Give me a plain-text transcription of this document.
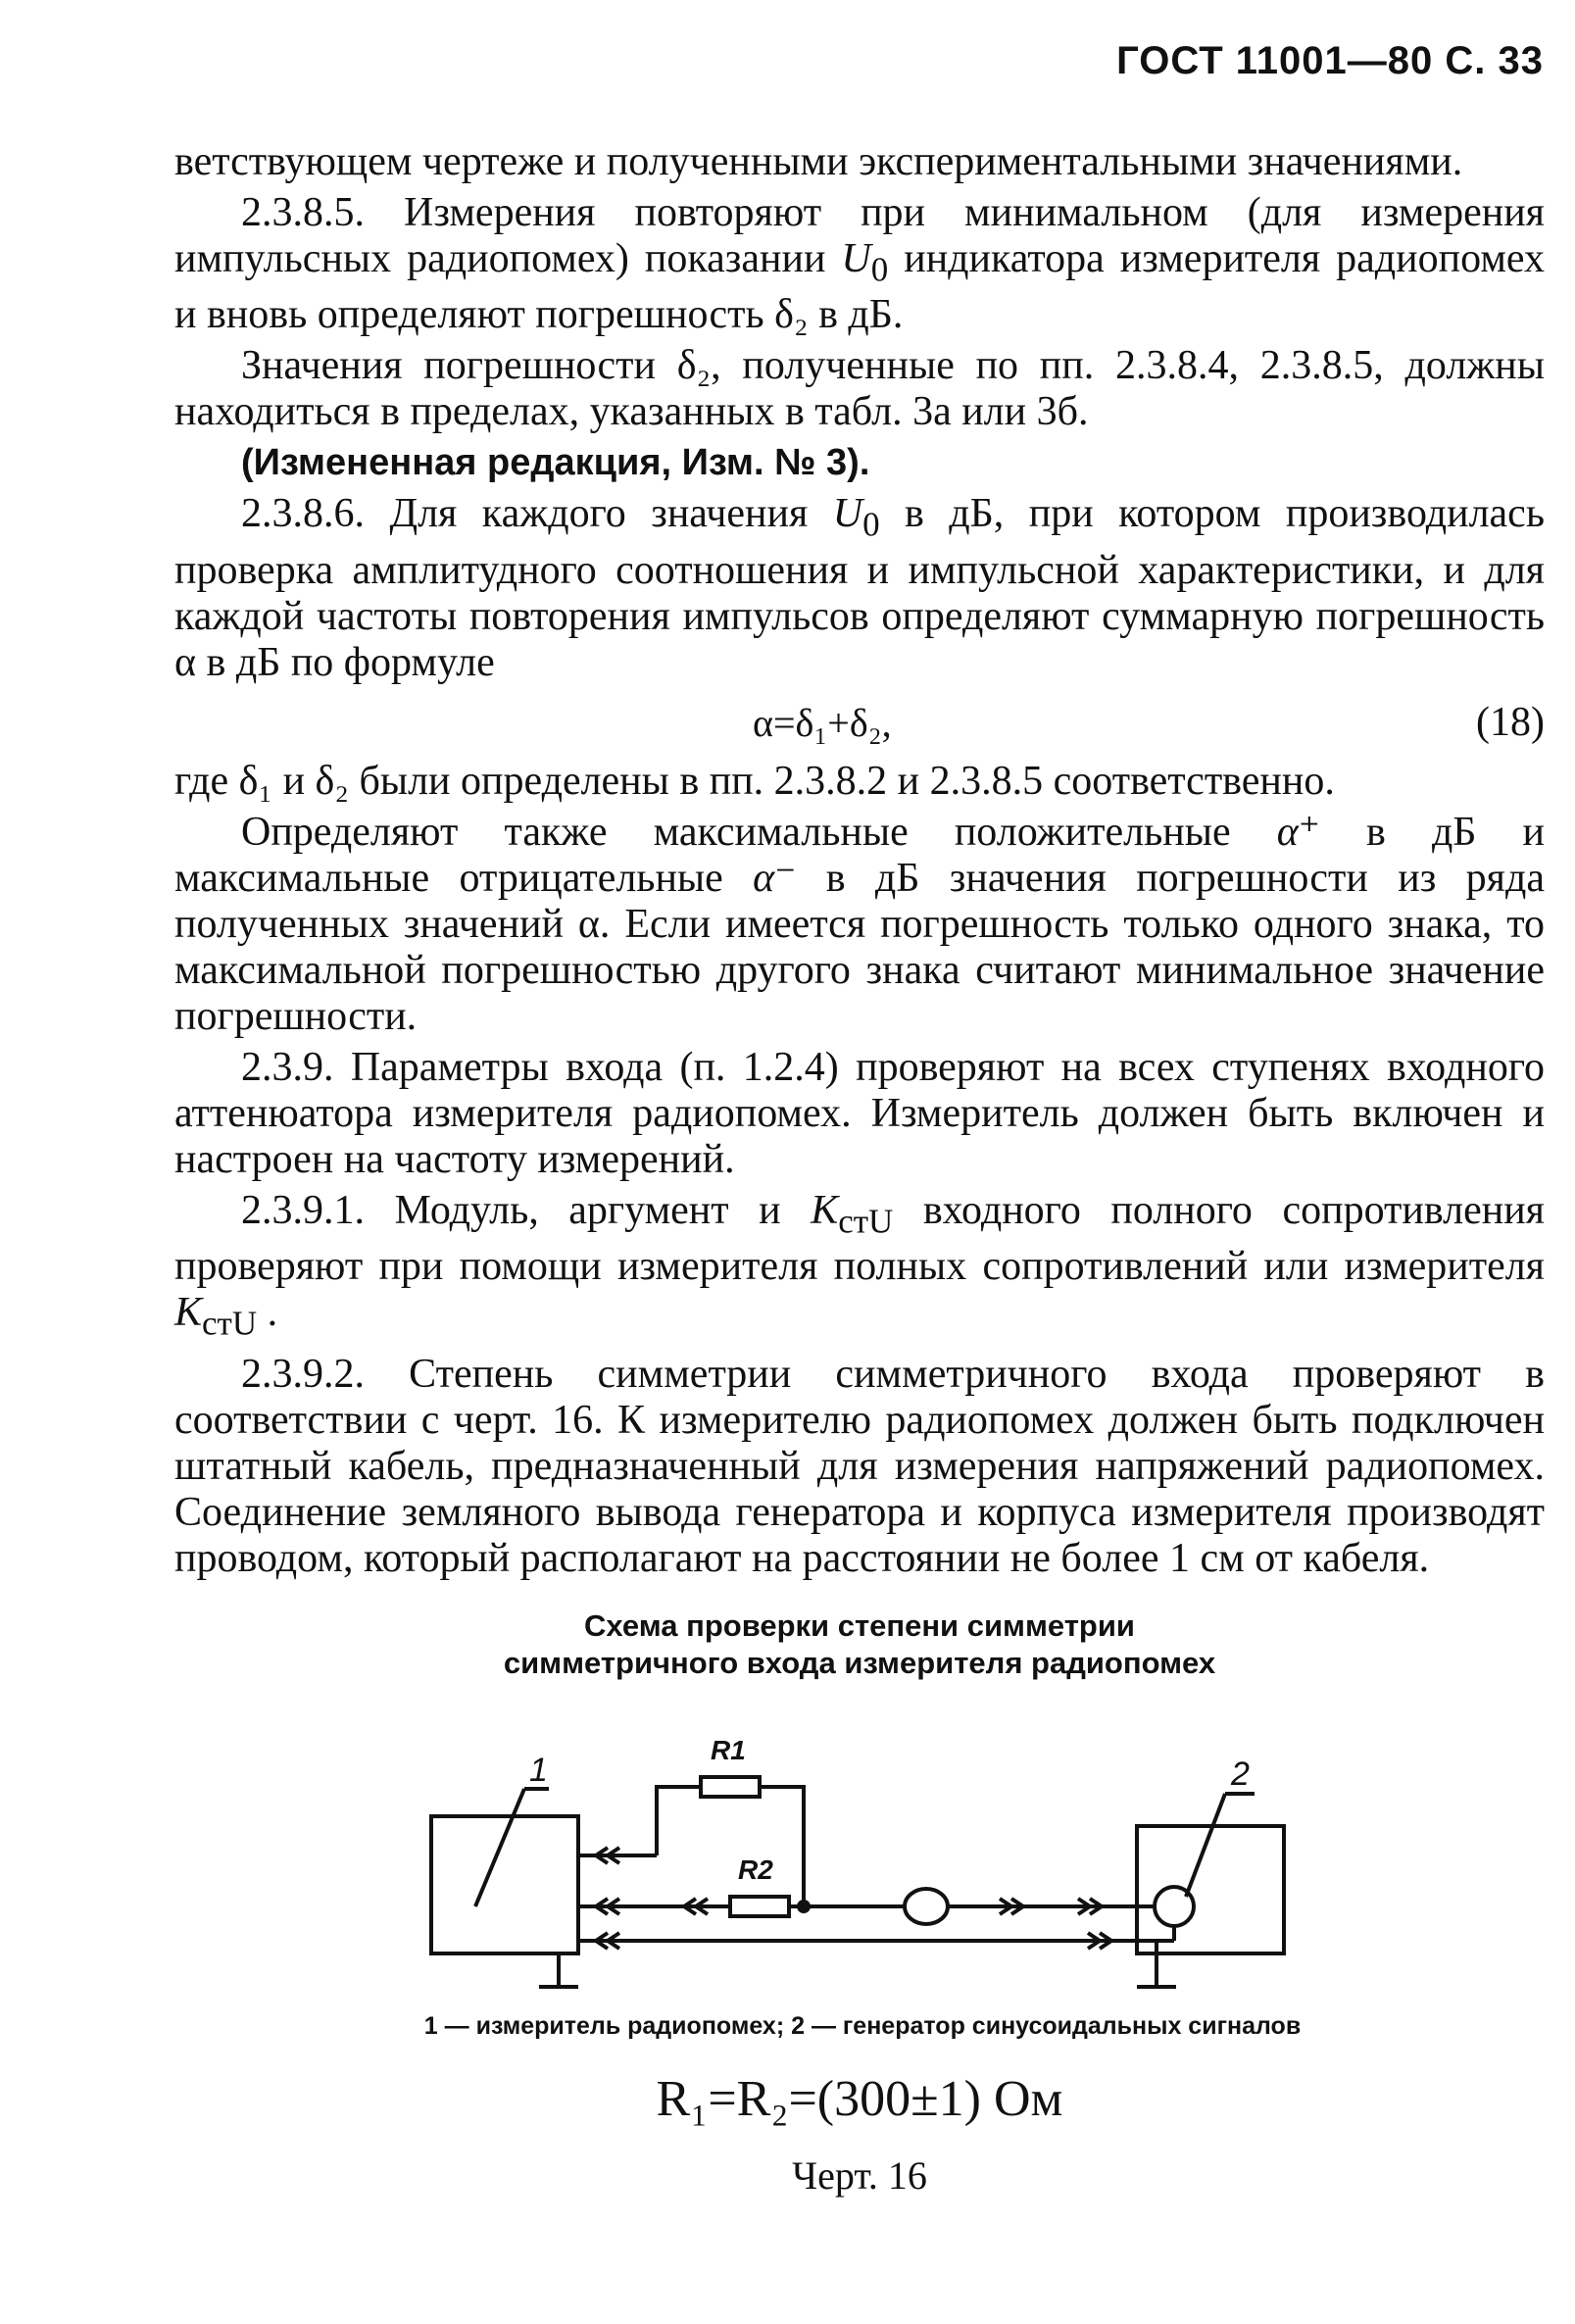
ГОСТ 11001—80 С. 33

ветствующем чертеже и полученными экспериментальными значениями.

2.3.8.5. Измерения повторяют при минимальном (для измерения импульсных радиопомех) показании $U_0$ индикатора измерителя радиопомех и вновь определяют погрешность δ₂ в дБ.

Значения погрешности δ₂, полученные по пп. 2.3.8.4, 2.3.8.5, должны находиться в пределах, указанных в табл. 3а или 3б.

(Измененная редакция, Изм. № 3).

2.3.8.6. Для каждого значения $U_0$ в дБ, при котором производилась проверка амплитудного соотношения и импульсной характеристики, и для каждой частоты повторения импульсов определяют суммарную погрешность α в дБ по формуле

α=δ₁+δ₂,	(18)

где δ₁ и δ₂ были определены в пп. 2.3.8.2 и 2.3.8.5 соответственно.

Определяют также максимальные положительные α⁺ в дБ и максимальные отрицательные α⁻ в дБ значения погрешности из ряда полученных значений α. Если имеется погрешность только одного знака, то максимальной погрешностью другого знака считают минимальное значение погрешности.

2.3.9. Параметры входа (п. 1.2.4) проверяют на всех ступенях входного аттенюатора измерителя радиопомех. Измеритель должен быть включен и настроен на частоту измерений.

2.3.9.1. Модуль, аргумент и $K_{стU}$ входного полного сопротивления проверяют при помощи измерителя полных сопротивлений или измерителя $K_{стU}$ .

2.3.9.2. Степень симметрии симметричного входа проверяют в соответствии с черт. 16. К измерителю радиопомех должен быть подключен штатный кабель, предназначенный для измерения напряжений радиопомех. Соединение земляного вывода генератора и корпуса измерителя производят проводом, который располагают на расстоянии не более 1 см от кабеля.

Схема проверки степени симметрии
симметричного входа измерителя радиопомех
1	2
R1
R2
1 — измеритель радиопомех; 2 — генератор синусоидальных сигналов
R₁=R₂=(300±1) Ом
Черт. 16
